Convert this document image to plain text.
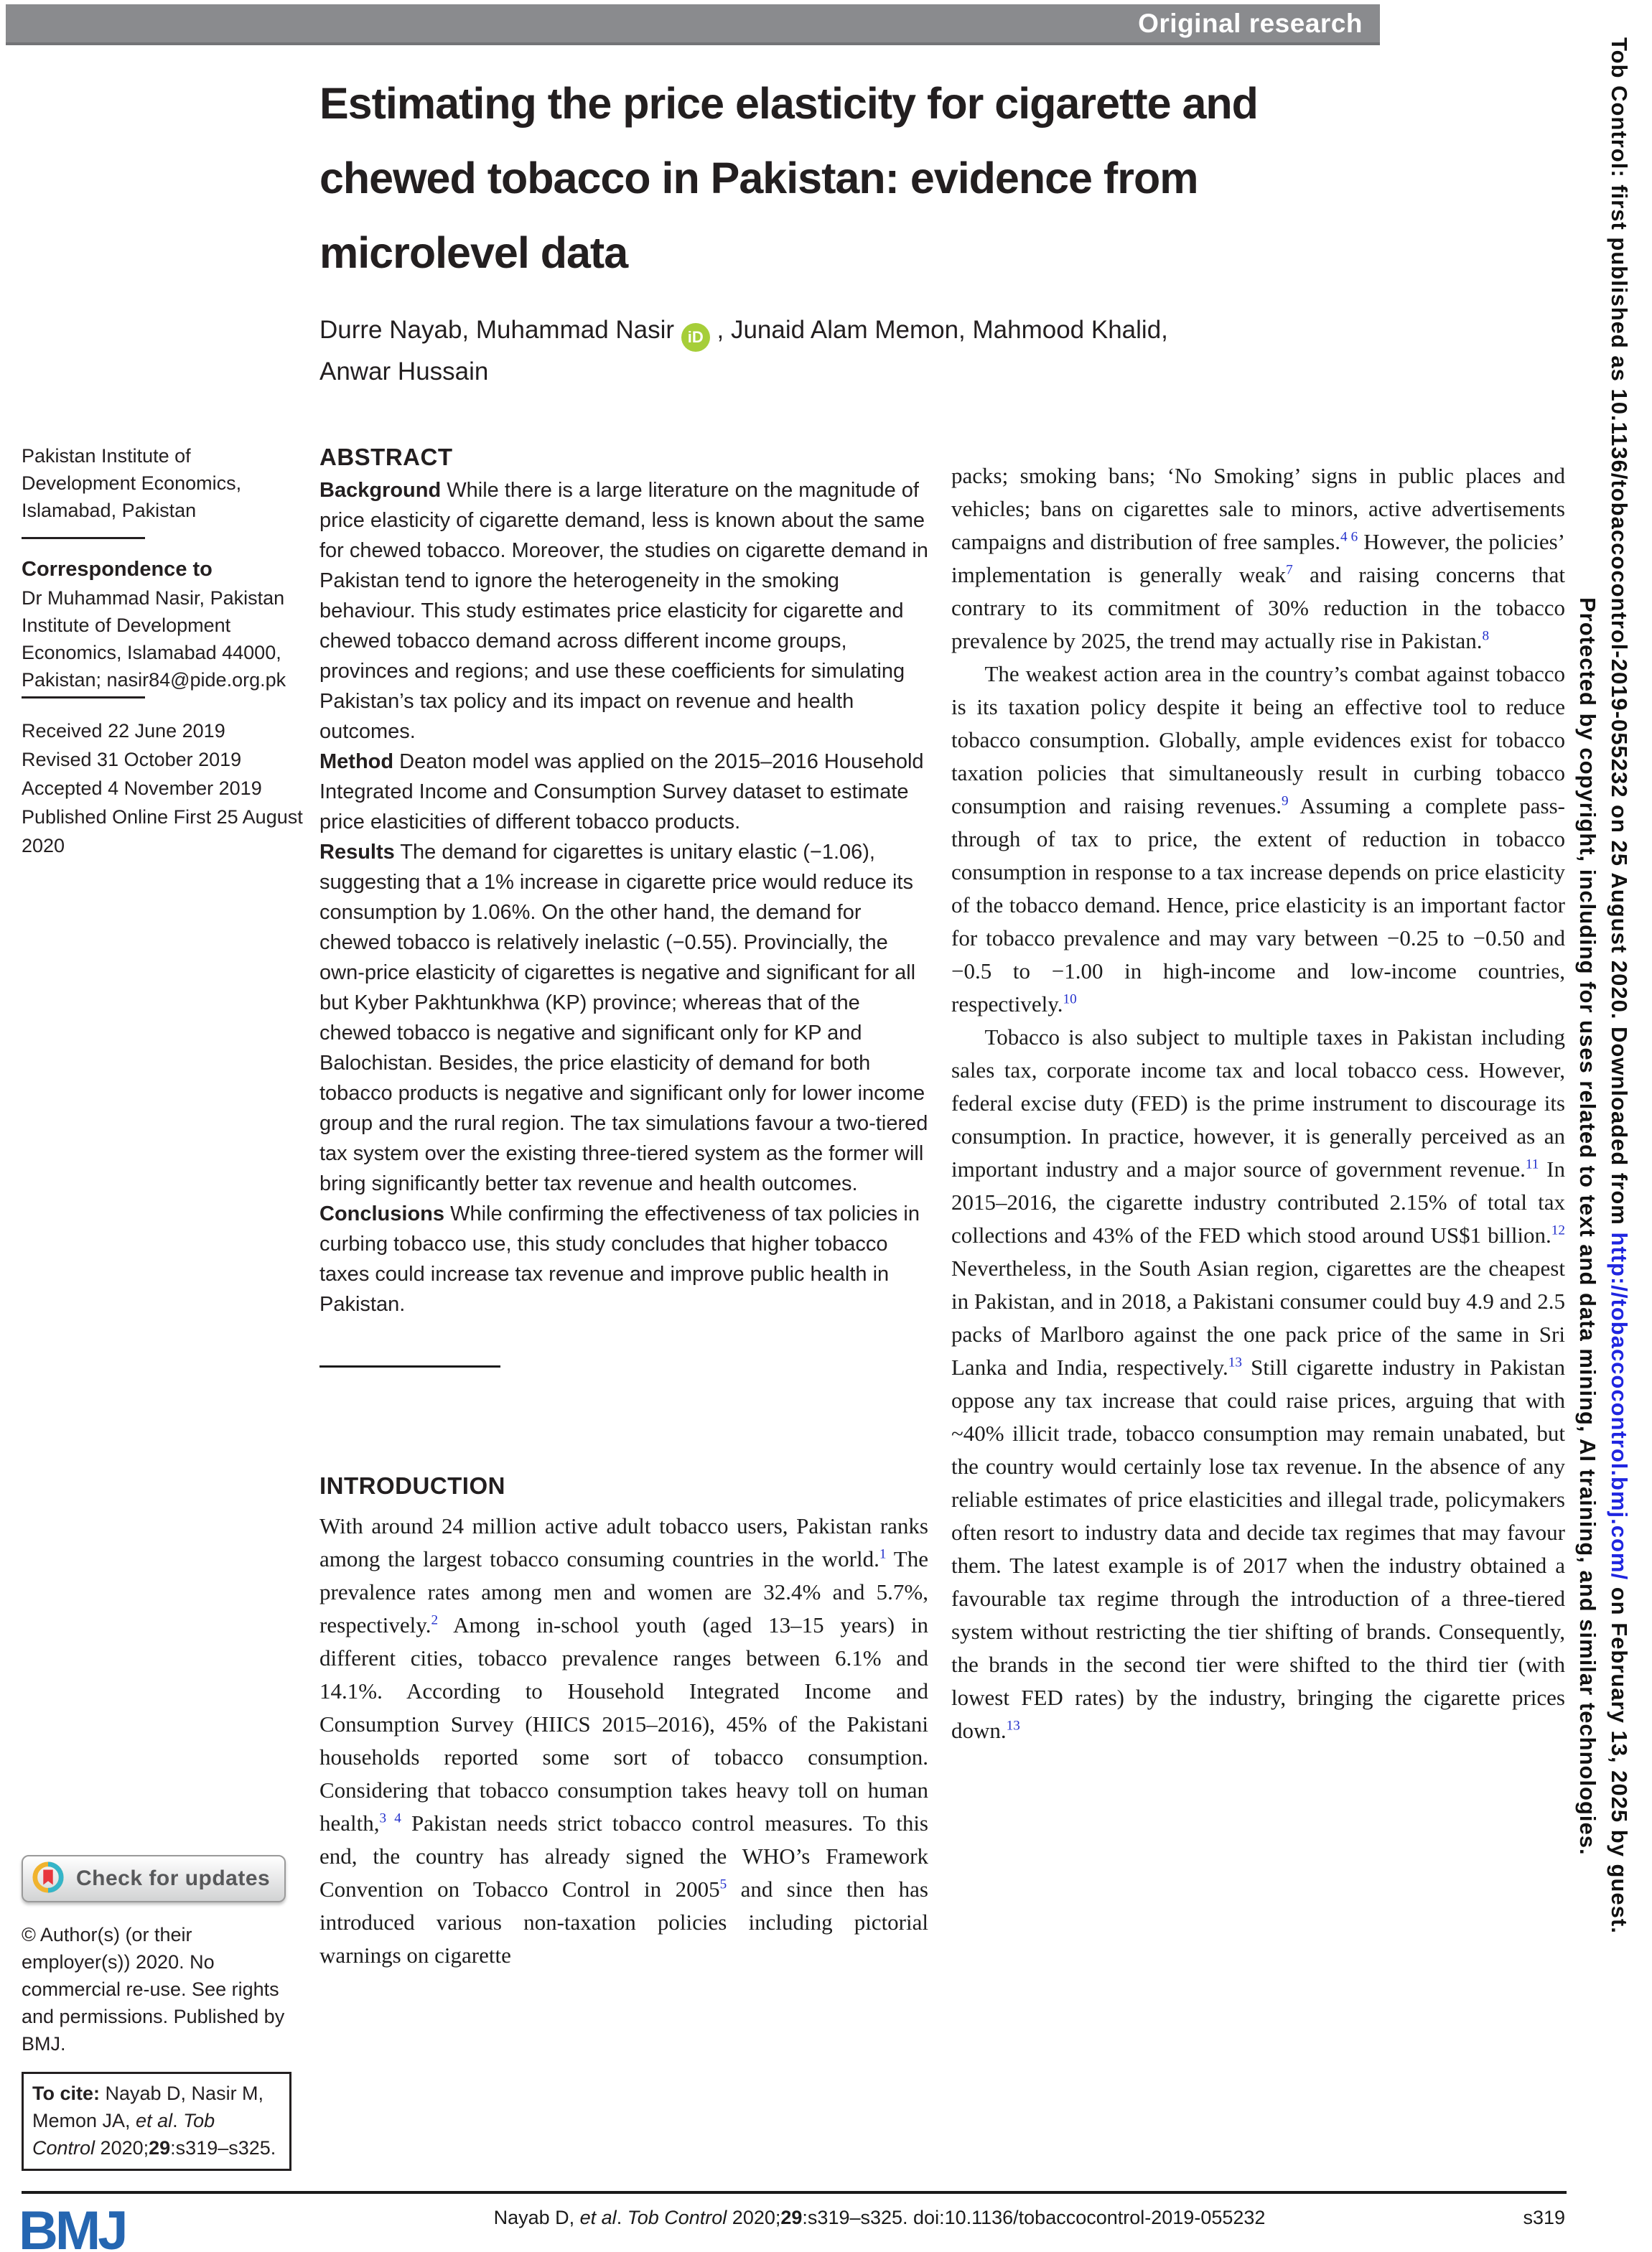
Original research
Tob Control: first published as 10.1136/tobaccocontrol-2019-055232 on 25 August 2020. Downloaded from http://tobaccocontrol.bmj.com/ on February 13, 2025 by guest.
Protected by copyright, including for uses related to text and data mining, AI training, and similar technologies.
Estimating the price elasticity for cigarette and
chewed tobacco in Pakistan: evidence from
microlevel data
Durre Nayab, Muhammad Nasir iD , Junaid Alam Memon, Mahmood Khalid,
Anwar Hussain
Pakistan Institute of Development Economics, Islamabad, Pakistan
Correspondence to
Dr Muhammad Nasir, Pakistan Institute of Development Economics, Islamabad 44000, Pakistan; nasir84@pide.org.pk
Received 22 June 2019
Revised 31 October 2019
Accepted 4 November 2019
Published Online First 25 August 2020
Check for updates
© Author(s) (or their employer(s)) 2020. No commercial re-use. See rights and permissions. Published by BMJ.
To cite: Nayab D, Nasir M, Memon JA, et al. Tob Control 2020;29:s319–s325.
ABSTRACT

Background While there is a large literature on the magnitude of price elasticity of cigarette demand, less is known about the same for chewed tobacco. Moreover, the studies on cigarette demand in Pakistan tend to ignore the heterogeneity in the smoking behaviour. This study estimates price elasticity for cigarette and chewed tobacco demand across different income groups, provinces and regions; and use these coefficients for simulating Pakistan’s tax policy and its impact on revenue and health outcomes.

Method Deaton model was applied on the 2015–2016 Household Integrated Income and Consumption Survey dataset to estimate price elasticities of different tobacco products.

Results The demand for cigarettes is unitary elastic (−1.06), suggesting that a 1% increase in cigarette price would reduce its consumption by 1.06%. On the other hand, the demand for chewed tobacco is relatively inelastic (−0.55). Provincially, the own-price elasticity of cigarettes is negative and significant for all but Kyber Pakhtunkhwa (KP) province; whereas that of the chewed tobacco is negative and significant only for KP and Balochistan. Besides, the price elasticity of demand for both tobacco products is negative and significant only for lower income group and the rural region. The tax simulations favour a two-tiered tax system over the existing three-tiered system as the former will bring significantly better tax revenue and health outcomes.

Conclusions While confirming the effectiveness of tax policies in curbing tobacco use, this study concludes that higher tobacco taxes could increase tax revenue and improve public health in Pakistan.

INTRODUCTION

With around 24 million active adult tobacco users, Pakistan ranks among the largest tobacco consuming countries in the world.$^1$ The prevalence rates among men and women are 32.4% and 5.7%, respectively.$^2$ Among in-school youth (aged 13–15 years) in different cities, tobacco prevalence ranges between 6.1% and 14.1%. According to Household Integrated Income and Consumption Survey (HIICS 2015–2016), 45% of the Pakistani households reported some sort of tobacco consumption. Considering that tobacco consumption takes heavy toll on human health,$^{3 4}$ Pakistan needs strict tobacco control measures. To this end, the country has already signed the WHO’s Framework Convention on Tobacco Control in 2005$^5$ and since then has introduced various non-taxation policies including pictorial warnings on cigarette

packs; smoking bans; ‘No Smoking’ signs in public places and vehicles; bans on cigarettes sale to minors, active advertisements campaigns and distribution of free samples.$^{4 6}$ However, the policies’ implementation is generally weak$^7$ and raising concerns that contrary to its commitment of 30% reduction in the tobacco prevalence by 2025, the trend may actually rise in Pakistan.$^8$

The weakest action area in the country’s combat against tobacco is its taxation policy despite it being an effective tool to reduce tobacco consumption. Globally, ample evidences exist for tobacco taxation policies that simultaneously result in curbing tobacco consumption and raising revenues.$^9$ Assuming a complete pass-through of tax to price, the extent of reduction in tobacco consumption in response to a tax increase depends on price elasticity of the tobacco demand. Hence, price elasticity is an important factor for tobacco prevalence and may vary between −0.25 to −0.50 and −0.5 to −1.00 in high-income and low-income countries, respectively.$^{10}$

Tobacco is also subject to multiple taxes in Pakistan including sales tax, corporate income tax and local tobacco cess. However, federal excise duty (FED) is the prime instrument to discourage its consumption. In practice, however, it is generally perceived as an important industry and a major source of government revenue.$^{11}$ In 2015–2016, the cigarette industry contributed 2.15% of total tax collections and 43% of the FED which stood around US$1 billion.$^{12}$ Nevertheless, in the South Asian region, cigarettes are the cheapest in Pakistan, and in 2018, a Pakistani consumer could buy 4.9 and 2.5 packs of Marlboro against the one pack price of the same in Sri Lanka and India, respectively.$^{13}$ Still cigarette industry in Pakistan oppose any tax increase that could raise prices, arguing that with ~40% illicit trade, tobacco consumption may remain unabated, but the country would certainly lose tax revenue. In the absence of any reliable estimates of price elasticities and illegal trade, policymakers often resort to industry data and decide tax regimes that may favour them. The latest example is of 2017 when the industry obtained a favourable tax regime through the introduction of a three-tiered system without restricting the tier shifting of brands. Consequently, the brands in the second tier were shifted to the third tier (with lowest FED rates) by the industry, bringing the cigarette prices down.$^{13}$

BMJ	Nayab D, et al. Tob Control 2020;29:s319–s325. doi:10.1136/tobaccocontrol-2019-055232	s319
